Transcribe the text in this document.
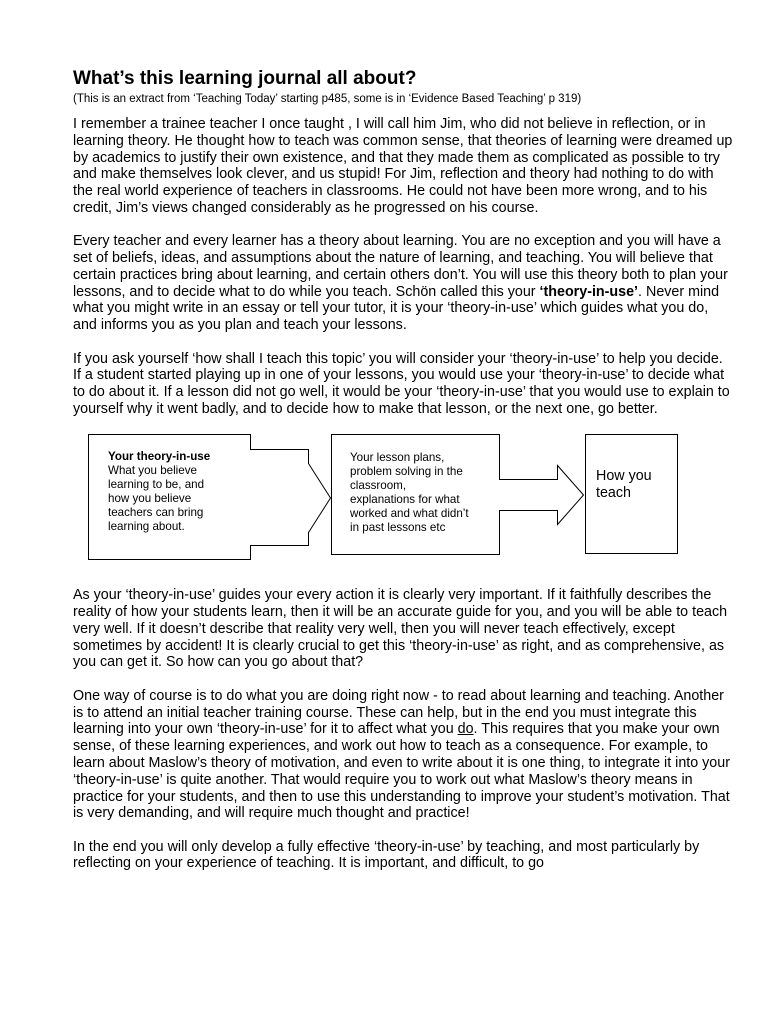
What’s this learning journal all about?
(This is an extract from ‘Teaching Today’ starting p485, some is in ‘Evidence Based Teaching’ p 319)

I remember a trainee teacher I once taught , I will call him Jim, who did not believe in reflection, or in learning theory. He thought how to teach was common sense, that theories of learning were dreamed up by academics to justify their own existence, and that they made them as complicated as possible to try and make themselves look clever, and us stupid! For Jim, reflection and theory had nothing to do with the real world experience of teachers in classrooms. He could not have been more wrong, and to his credit, Jim’s views changed considerably as he progressed on his course.

Every teacher and every learner has a theory about learning. You are no exception and you will have a set of beliefs, ideas, and assumptions about the nature of learning, and teaching. You will believe that certain practices bring about learning, and certain others don’t. You will use this theory both to plan your lessons, and to decide what to do while you teach. Schön called this your ‘theory-in-use’. Never mind what you might write in an essay or tell your tutor, it is your ‘theory-in-use’ which guides what you do, and informs you as you plan and teach your lessons.

If you ask yourself ‘how shall I teach this topic’ you will consider your ‘theory-in-use’ to help you decide. If a student started playing up in one of your lessons, you would use your ‘theory-in-use’ to decide what to do about it. If a lesson did not go well, it would be your ‘theory-in-use’ that you would use to explain to yourself why it went badly, and to decide how to make that lesson, or the next one, go better.

Your theory-in-use
What you believe
learning to be, and
how you believe
teachers can bring
learning about.
Your lesson plans,
problem solving in the
classroom,
explanations for what
worked and what didn’t
in past lessons etc
How you
teach

As your ‘theory-in-use’ guides your every action it is clearly very important. If it faithfully describes the reality of how your students learn, then it will be an accurate guide for you, and you will be able to teach very well. If it doesn’t describe that reality very well, then you will never teach effectively, except sometimes by accident! It is clearly crucial to get this ‘theory-in-use’ as right, and as comprehensive, as you can get it. So how can you go about that?

One way of course is to do what you are doing right now - to read about learning and teaching. Another is to attend an initial teacher training course. These can help, but in the end you must integrate this learning into your own ‘theory-in-use’ for it to affect what you do. This requires that you make your own sense, of these learning experiences, and work out how to teach as a consequence. For example, to learn about Maslow’s theory of motivation, and even to write about it is one thing, to integrate it into your ‘theory-in-use’ is quite another. That would require you to work out what Maslow’s theory means in practice for your students, and then to use this understanding to improve your student’s motivation. That is very demanding, and will require much thought and practice!

In the end you will only develop a fully effective ‘theory-in-use’ by teaching, and most particularly by reflecting on your experience of teaching. It is important, and difficult, to go
